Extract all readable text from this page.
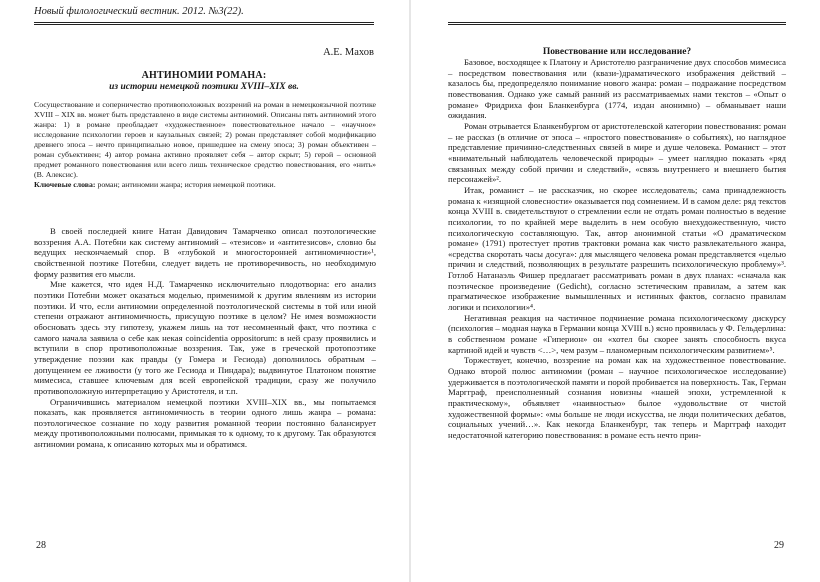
Новый филологический вестник. 2012. №3(22).
А.Е. Махов
АНТИНОМИИ РОМАНА:
из истории немецкой поэтики XVIII–XIX вв.

Сосуществование и соперничество противоположных воззрений на роман в немецкоязычной поэтике XVIII – XIX вв. может быть представлено в виде системы антиномий. Описаны пять антиномий этого жанра: 1) в романе преобладает «художественное» повествовательное начало – «научное» исследование психологии героев и каузальных связей; 2) роман представляет собой модификацию древнего эпоса – нечто принципиально новое, пришедшее на смену эпоса; 3) роман объективен – роман субъективен; 4) автор романа активно проявляет себя – автор скрыт; 5) герой – основной предмет романного повествования или всего лишь техническое средство повествования, его «нить» (В. Алексис).

Ключевые слова: роман; антиномии жанра; история немецкой поэтики.

В своей последней книге Натан Давидович Тамарченко описал поэтологические воззрения А.А. Потебни как систему антиномий – «тезисов» и «антитезисов», словно бы ведущих нескончаемый спор. В «глубокой и многосторонней антиномичности»¹, свойственной поэтике Потебни, следует видеть не противоречивость, но необходимую форму развития его мысли.

Мне кажется, что идея Н.Д. Тамарченко исключительно плодотворна: его анализ поэтики Потебни может оказаться моделью, применимой к другим явлениям из истории поэтики. И что, если антиномии определенной поэтологической системы в той или иной степени отражают антиномичность, присущую поэтике в целом? Не имея возможности обосновать здесь эту гипотезу, укажем лишь на тот несомненный факт, что поэтика с самого начала заявила о себе как некая coincidentia oppositorum: в ней сразу проявились и вступили в спор противоположные воззрения. Так, уже в греческой протопоэтике утверждение поэзии как правды (у Гомера и Гесиода) дополнилось обратным – допущением ее лживости (у того же Гесиода и Пиндара); выдвинутое Платоном понятие мимесиса, ставшее ключевым для всей европейской традиции, сразу же получило противоположную интерпретацию у Аристотеля, и т.п.

Ограничившись материалом немецкой поэтики XVIII–XIX вв., мы попытаемся показать, как проявляется антиномичность в теории одного лишь жанра – романа: поэтологическое сознание по ходу развития романной теории постоянно балансирует между противоположными полюсами, примыкая то к одному, то к другому. Так образуются антиномии романа, к описанию которых мы и обратимся.

28
Повествование или исследование?

Базовое, восходящее к Платону и Аристотелю разграничение двух способов мимесиса – посредством повествования или (квази-)драматического изображения действий – казалось бы, предопределяло понимание нового жанра: роман – подражание посредством повествования. Однако уже самый ранний из рассматриваемых нами текстов – «Опыт о романе» Фридриха фон Бланкенбурга (1774, издан анонимно) – обманывает наши ожидания.

Роман отрывается Бланкенбургом от аристотелевской категории повествования: роман – не рассказ (в отличие от эпоса – «простого повествования» о событиях), но наглядное представление причинно-следственных связей в мире и душе человека. Романист – этот «внимательный наблюдатель человеческой природы» – умеет наглядно показать «ряд связанных между собой причин и следствий», «связь внутреннего и внешнего бытия персонажей»².

Итак, романист – не рассказчик, но скорее исследователь; сама принадлежность романа к «изящной словесности» оказывается под сомнением. И в самом деле: ряд текстов конца XVIII в. свидетельствуют о стремлении если не отдать роман полностью в ведение психологии, то по крайней мере выделить в нем особую внехудожественную, чисто психологическую составляющую. Так, автор анонимной статьи «О драматическом романе» (1791) протестует против трактовки романа как чисто развлекательного жанра, «средства скоротать часы досуга»: для мыслящего человека роман представляется «целью причин и следствий, позволяющих в результате разрешить психологическую проблему»³. Готлоб Натанаэль Фишер предлагает рассматривать роман в двух планах: «сначала как поэтическое произведение (Gedicht), согласно эстетическим правилам, а затем как прагматическое изображение вымышленных и истинных фактов, согласно правилам логики и психологии»⁴.

Негативная реакция на частичное подчинение романа психологическому дискурсу (психология – модная наука в Германии конца XVIII в.) ясно проявилась у Ф. Гельдерлина: в собственном романе «Гиперион» он «хотел бы скорее занять способность вкуса картиной идей и чувств <…>, чем разум – планомерным психологическим развитием»⁵.

Торжествует, конечно, воззрение на роман как на художественное повествование. Однако второй полюс антиномии (роман – научное психологическое исследование) удерживается в поэтологической памяти и порой пробивается на поверхность. Так, Герман Маргграф, преисполненный сознания новизны «нашей эпохи, устремленной к практическому», объявляет «наивностью» былое «удовольствие от чистой художественной формы»: «мы больше не люди искусства, не люди политических дебатов, социальных учений…». Как некогда Бланкенбург, так теперь и Маргграф находит недостаточной категорию повествования: в романе есть нечто прин-

29
